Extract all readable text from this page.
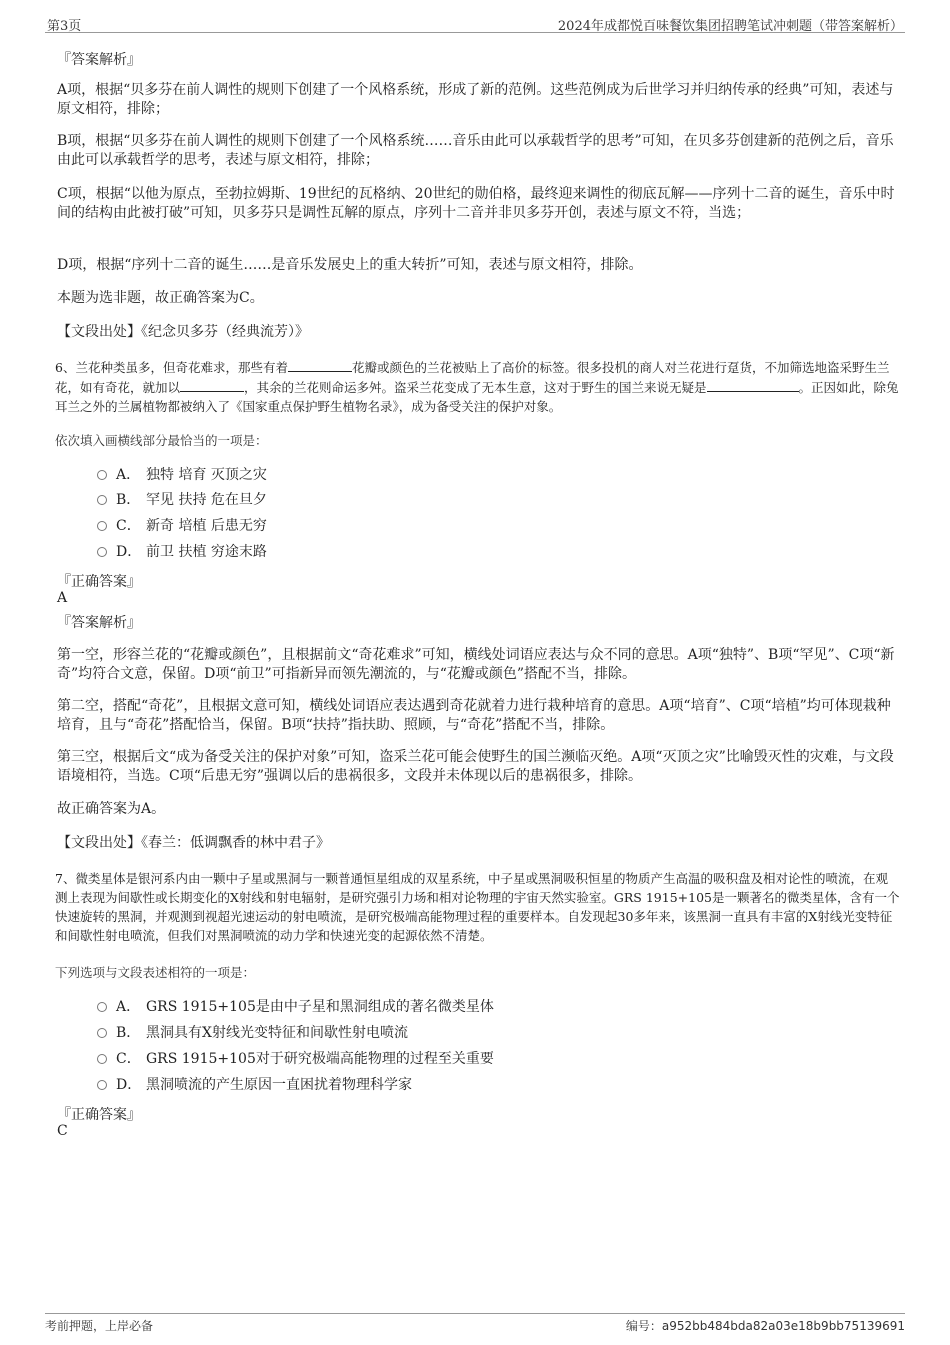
第3页	2024年成都悦百味餐饮集团招聘笔试冲刺题（带答案解析）
『答案解析』
A项，根据“贝多芬在前人调性的规则下创建了一个风格系统，形成了新的范例。这些范例成为后世学习并归纳传承的经典”可知，表述与原文相符，排除；
B项，根据“贝多芬在前人调性的规则下创建了一个风格系统……音乐由此可以承载哲学的思考”可知，在贝多芬创建新的范例之后，音乐由此可以承载哲学的思考，表述与原文相符，排除；
C项，根据“以他为原点，至勃拉姆斯、19世纪的瓦格纳、20世纪的勋伯格，最终迎来调性的彻底瓦解——序列十二音的诞生，音乐中时间的结构由此被打破”可知，贝多芬只是调性瓦解的原点，序列十二音并非贝多芬开创，表述与原文不符，当选；
D项，根据“序列十二音的诞生……是音乐发展史上的重大转折”可知，表述与原文相符，排除。
本题为选非题，故正确答案为C。
【文段出处】《纪念贝多芬（经典流芳）》
6、兰花种类虽多，但奇花难求，那些有着	花瓣或颜色的兰花被贴上了高价的标签。很多投机的商人对兰花进行趸货，不加筛选地盗采野生兰花，如有奇花，就加以	，其余的兰花则命运多舛。盗采兰花变成了无本生意，这对于野生的国兰来说无疑是	。正因如此，除兔耳兰之外的兰属植物都被纳入了《国家重点保护野生植物名录》，成为备受关注的保护对象。
依次填入画横线部分最恰当的一项是：
A． 独特 培育 灭顶之灾
B． 罕见 扶持 危在旦夕
C． 新奇 培植 后患无穷
D． 前卫 扶植 穷途末路
『正确答案』
A
『答案解析』
第一空，形容兰花的“花瓣或颜色”，且根据前文“奇花难求”可知，横线处词语应表达与众不同的意思。A项“独特”、B项“罕见”、C项“新奇”均符合文意，保留。D项“前卫”可指新异而领先潮流的，与“花瓣或颜色”搭配不当，排除。
第二空，搭配“奇花”，且根据文意可知，横线处词语应表达遇到奇花就着力进行栽种培育的意思。A项“培育”、C项“培植”均可体现栽种培育，且与“奇花”搭配恰当，保留。B项“扶持”指扶助、照顾，与“奇花”搭配不当，排除。
第三空，根据后文“成为备受关注的保护对象”可知，盗采兰花可能会使野生的国兰濒临灭绝。A项“灭顶之灾”比喻毁灭性的灾难，与文段语境相符，当选。C项“后患无穷”强调以后的患祸很多，文段并未体现以后的患祸很多，排除。
故正确答案为A。
【文段出处】《春兰：低调飘香的林中君子》
7、微类星体是银河系内由一颗中子星或黑洞与一颗普通恒星组成的双星系统，中子星或黑洞吸积恒星的物质产生高温的吸积盘及相对论性的喷流，在观测上表现为间歇性或长期变化的X射线和射电辐射，是研究强引力场和相对论物理的宇宙天然实验室。GRS 1915+105是一颗著名的微类星体，含有一个快速旋转的黑洞，并观测到视超光速运动的射电喷流，是研究极端高能物理过程的重要样本。自发现起30多年来，该黑洞一直具有丰富的X射线光变特征和间歇性射电喷流，但我们对黑洞喷流的动力学和快速光变的起源依然不清楚。
下列选项与文段表述相符的一项是：
A． GRS 1915+105是由中子星和黑洞组成的著名微类星体
B． 黑洞具有X射线光变特征和间歇性射电喷流
C． GRS 1915+105对于研究极端高能物理的过程至关重要
D． 黑洞喷流的产生原因一直困扰着物理科学家
『正确答案』
C
考前押题，上岸必备	编号：a952bb484bda82a03e18b9bb75139691
